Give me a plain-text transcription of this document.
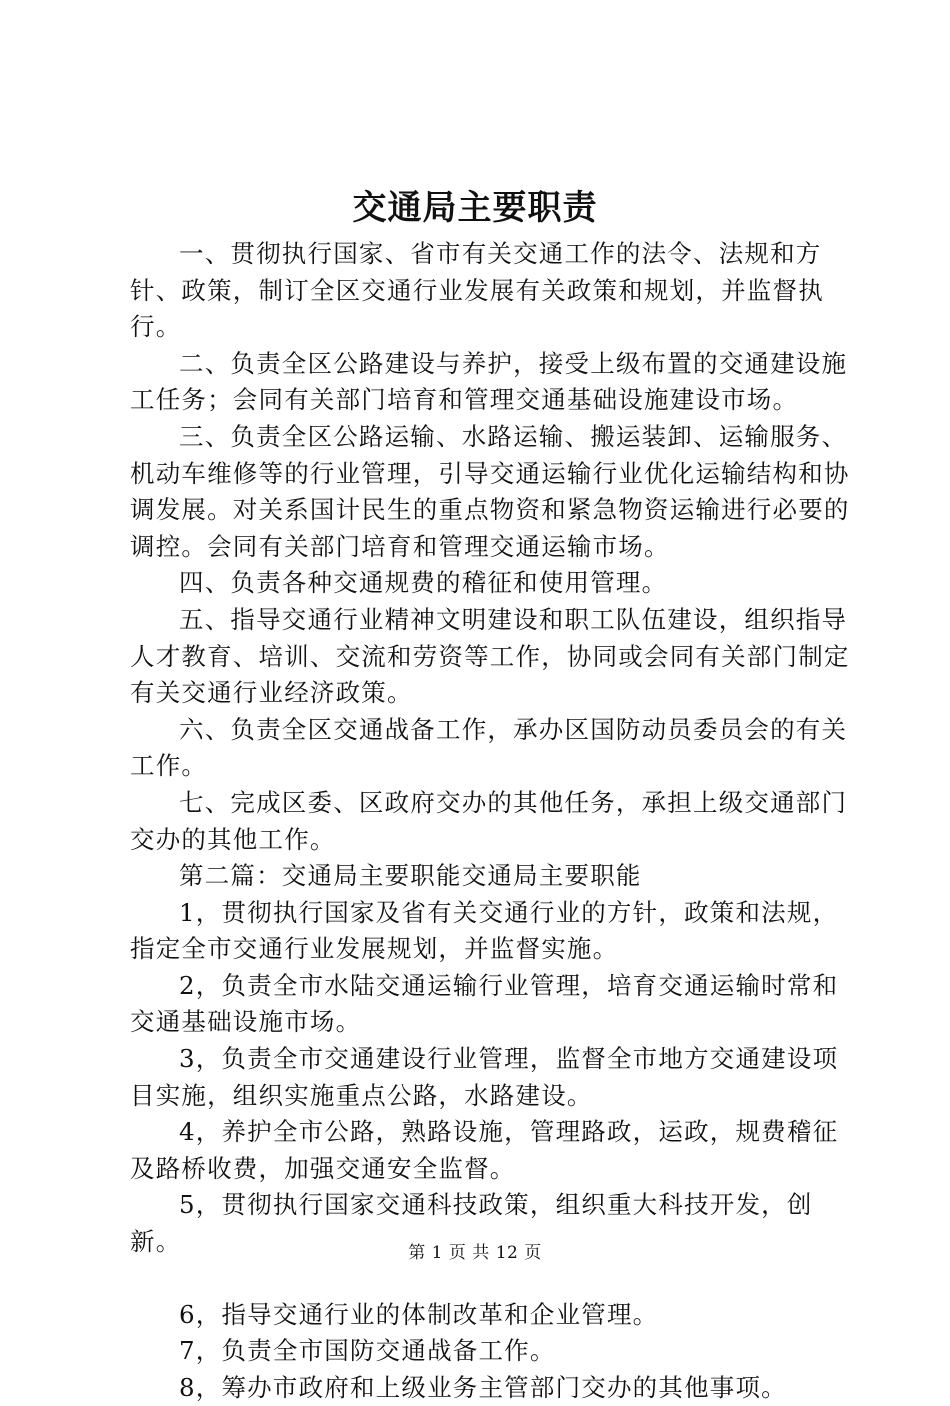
交通局主要职责

一、贯彻执行国家、省市有关交通工作的法令、法规和方针、政策，制订全区交通行业发展有关政策和规划，并监督执行。

二、负责全区公路建设与养护，接受上级布置的交通建设施工任务；会同有关部门培育和管理交通基础设施建设市场。

三、负责全区公路运输、水路运输、搬运装卸、运输服务、机动车维修等的行业管理，引导交通运输行业优化运输结构和协调发展。对关系国计民生的重点物资和紧急物资运输进行必要的调控。会同有关部门培育和管理交通运输市场。

四、负责各种交通规费的稽征和使用管理。

五、指导交通行业精神文明建设和职工队伍建设，组织指导人才教育、培训、交流和劳资等工作，协同或会同有关部门制定有关交通行业经济政策。

六、负责全区交通战备工作，承办区国防动员委员会的有关工作。

七、完成区委、区政府交办的其他任务，承担上级交通部门交办的其他工作。

第二篇：交通局主要职能交通局主要职能

1，贯彻执行国家及省有关交通行业的方针，政策和法规，指定全市交通行业发展规划，并监督实施。

2，负责全市水陆交通运输行业管理，培育交通运输时常和交通基础设施市场。

3，负责全市交通建设行业管理，监督全市地方交通建设项目实施，组织实施重点公路，水路建设。

4，养护全市公路，熟路设施，管理路政，运政，规费稽征及路桥收费，加强交通安全监督。

5，贯彻执行国家交通科技政策，组织重大科技开发，创新。

6，指导交通行业的体制改革和企业管理。

7，负责全市国防交通战备工作。

8，筹办市政府和上级业务主管部门交办的其他事项。

第 1 页 共 12 页
